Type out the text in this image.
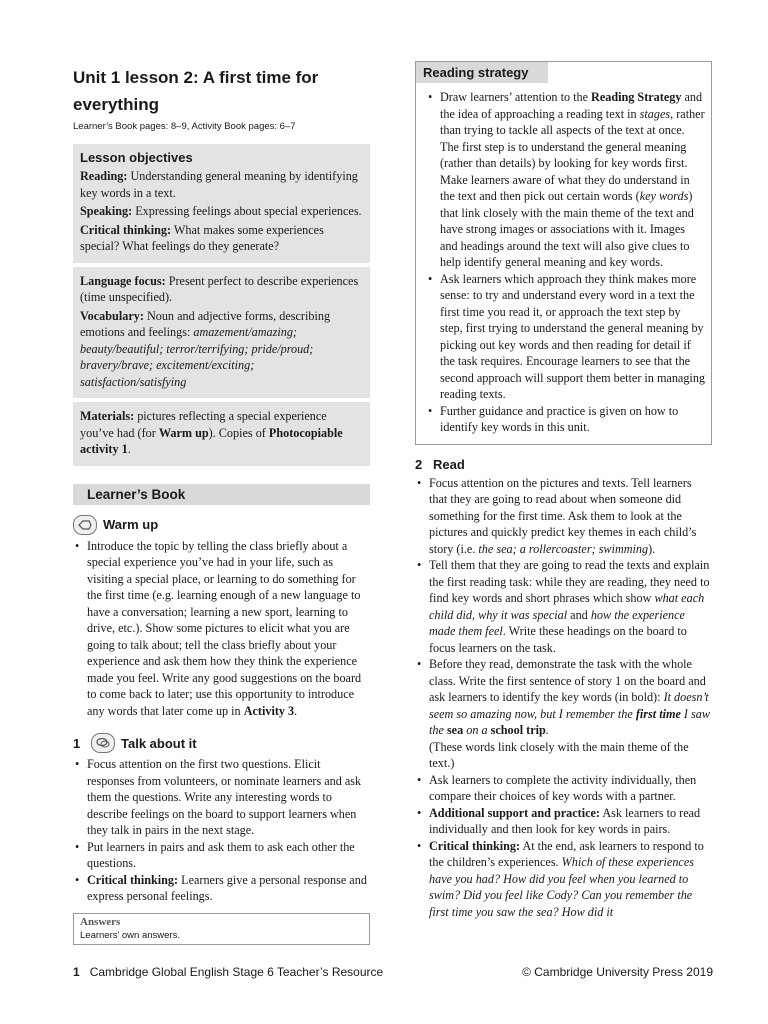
Unit 1 lesson 2: A first time for
everything
Learner’s Book pages: 8–9, Activity Book pages: 6–7
Lesson objectives

Reading: Understanding general meaning by identifying key words in a text.

Speaking: Expressing feelings about special experiences.

Critical thinking: What makes some experiences special? What feelings do they generate?

Language focus: Present perfect to describe experiences (time unspecified).

Vocabulary: Noun and adjective forms, describing emotions and feelings: amazement/amazing; beauty/beautiful; terror/terrifying; pride/proud; bravery/brave; excitement/exciting; satisfaction/satisfying

Materials: pictures reflecting a special experience you’ve had (for Warm up). Copies of Photocopiable activity 1.

Learner’s Book
Warm up
• Introduce the topic by telling the class briefly about a special experience you’ve had in your life, such as visiting a special place, or learning to do something for the first time (e.g. learning enough of a new language to have a conversation; learning a new sport, learning to drive, etc.). Show some pictures to elicit what you are going to talk about; tell the class briefly about your experience and ask them how they think the experience made you feel. Write any good suggestions on the board to come back to later; use this opportunity to introduce any words that later come up in Activity 3.
1	Talk about it
• Focus attention on the first two questions. Elicit responses from volunteers, or nominate learners and ask them the questions. Write any interesting words to describe feelings on the board to support learners when they talk in pairs in the next stage.
• Put learners in pairs and ask them to ask each other the questions.
• Critical thinking: Learners give a personal response and express personal feelings.
Answers
Learners’ own answers.
Reading strategy
• Draw learners’ attention to the Reading Strategy and the idea of approaching a reading text in stages, rather than trying to tackle all aspects of the text at once. The first step is to understand the general meaning (rather than details) by looking for key words first. Make learners aware of what they do understand in the text and then pick out certain words (key words) that link closely with the main theme of the text and have strong images or associations with it. Images and headings around the text will also give clues to help identify general meaning and key words.
• Ask learners which approach they think makes more sense: to try and understand every word in a text the first time you read it, or approach the text step by step, first trying to understand the general meaning by picking out key words and then reading for detail if the task requires. Encourage learners to see that the second approach will support them better in managing reading texts.
• Further guidance and practice is given on how to identify key words in this unit.
2 Read
• Focus attention on the pictures and texts. Tell learners that they are going to read about when someone did something for the first time. Ask them to look at the pictures and quickly predict key themes in each child’s story (i.e. the sea; a rollercoaster; swimming).
• Tell them that they are going to read the texts and explain the first reading task: while they are reading, they need to find key words and short phrases which show what each child did, why it was special and how the experience made them feel. Write these headings on the board to focus learners on the task.
• Before they read, demonstrate the task with the whole class. Write the first sentence of story 1 on the board and ask learners to identify the key words (in bold): It doesn’t seem so amazing now, but I remember the first time I saw the sea on a school trip.
(These words link closely with the main theme of the text.)
• Ask learners to complete the activity individually, then compare their choices of key words with a partner.
• Additional support and practice: Ask learners to read individually and then look for key words in pairs.
• Critical thinking: At the end, ask learners to respond to the children’s experiences. Which of these experiences have you had? How did you feel when you learned to swim? Did you feel like Cody? Can you remember the first time you saw the sea? How did it
1 Cambridge Global English Stage 6 Teacher’s Resource	© Cambridge University Press 2019
